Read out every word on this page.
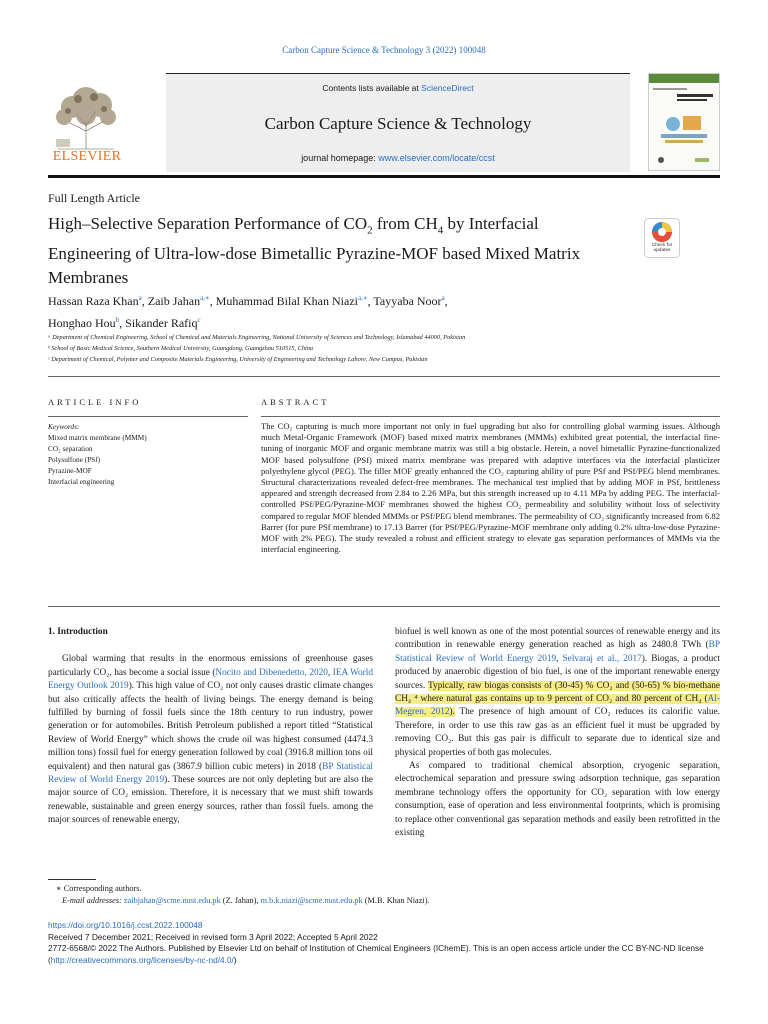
Carbon Capture Science & Technology 3 (2022) 100048
ELSEVIER
Contents lists available at ScienceDirect
Carbon Capture Science & Technology
journal homepage: www.elsevier.com/locate/ccst
Full Length Article
High–Selective Separation Performance of $CO_2$ from $CH_4$ by Interfacial Engineering of Ultra-low-dose Bimetallic Pyrazine-MOF based Mixed Matrix Membranes
Check for updates
Hassan Raza Khan$^a$, Zaib Jahan$^{a,∗}$, Muhammad Bilal Khan Niazi$^{a,∗}$, Tayyaba Noor$^a$,
Honghao Hou$^b$, Sikander Rafiq$^c$
ᵃ Department of Chemical Engineering, School of Chemical and Materials Engineering, National University of Sciences and Technology, Islamabad 44000, Pakistan
ᵇ School of Basic Medical Science, Southern Medical University, Guangdong, Guangzhou 510515, China
ᶜ Department of Chemical, Polymer and Composite Materials Engineering, University of Engineering and Technology Lahore, New Campus, Pakistan
ARTICLE INFO	ABSTRACT
Keywords:
Mixed matrix membrane (MMM)
CO₂ separation
Polysulfone (PSf)
Pyrazine-MOF
Interfacial engineering
The CO₂ capturing is much more important not only in fuel upgrading but also for controlling global warming issues. Although much Metal-Organic Framework (MOF) based mixed matrix membranes (MMMs) exhibited great potential, the interfacial fine-tuning of inorganic MOF and organic membrane matrix was still a big obstacle. Herein, a novel bimetallic Pyrazine-functionalized MOF based polysulfone (PSf) mixed matrix membrane was prepared with adaptive interfaces via the interfacial plasticizer polyethylene glycol (PEG). The filler MOF greatly enhanced the CO₂ capturing ability of pure PSf and PSf/PEG blend membranes. Structural characterizations revealed defect-free membranes. The mechanical test implied that by adding MOF in PSf, brittleness appeared and strength decreased from 2.84 to 2.26 MPa, but this strength increased up to 4.11 MPa by adding PEG. The interfacial-controlled PSf/PEG/Pyrazine-MOF membranes showed the highest CO₂ permeability and solubility without loss of selectivity compared to regular MOF blended MMMs or PSf/PEG blend membranes. The permeability of CO₂ significantly increased from 6.82 Barrer (for pure PSf membrane) to 17.13 Barrer (for PSf/PEG/Pyrazine-MOF membrane only adding 0.2% ultra-low-dose Pyrazine-MOF with 2% PEG). The study revealed a robust and efficient strategy to elevate gas separation performances of MMMs via the interfacial engineering.
1. Introduction

Global warming that results in the enormous emissions of greenhouse gases particularly CO₂, has become a social issue (Nocito and Dibenedetto, 2020, IEA World Energy Outlook 2019). This high value of CO₂ not only causes drastic climate changes but also critically affects the health of living beings. The energy demand is being fulfilled by burning of fossil fuels since the 18th century to run industry, power generation or for automobiles. British Petroleum published a report titled “Statistical Review of World Energy” which shows the crude oil was highest consumed (4474.3 million tons) fossil fuel for energy generation followed by coal (3916.8 million tons oil equivalent) and then natural gas (3867.9 billion cubic meters) in 2018 (BP Statistical Review of World Energy 2019). These sources are not only depleting but are also the major source of CO₂ emission. Therefore, it is necessary that we must shift towards renewable, sustainable and green energy sources, rather than fossil fuels. among the major sources of renewable energy,

biofuel is well known as one of the most potential sources of renewable energy and its contribution in renewable energy generation reached as high as 2480.8 TWh (BP Statistical Review of World Energy 2019, Selvaraj et al., 2017). Biogas, a product produced by anaerobic digestion of bio fuel, is one of the important renewable energy sources. Typically, raw biogas consists of (30-45) % CO₂ and (50-65) % bio-methane CH₄ ⁴ where natural gas contains up to 9 percent of CO₂ and 80 percent of CH₄ (Al-Megren, 2012). The presence of high amount of CO₂ reduces its calorific value. Therefore, in order to use this raw gas as an efficient fuel it must be upgraded by removing CO₂. But this gas pair is difficult to separate due to identical size and physical properties of both gas molecules.

As compared to traditional chemical absorption, cryogenic separation, electrochemical separation and pressure swing adsorption technique, gas separation membrane technology offers the opportunity for CO₂ separation with low energy consumption, ease of operation and less environmental footprints, which is promising to replace other conventional gas separation methods and easily been retrofitted in the existing

∗ Corresponding authors.
E-mail addresses: zaibjahan@scme.nust.edu.pk (Z. Jahan), m.b.k.niazi@scme.nust.edu.pk (M.B. Khan Niazi).
https://doi.org/10.1016/j.ccst.2022.100048
Received 7 December 2021; Received in revised form 3 April 2022; Accepted 5 April 2022
2772-6568/© 2022 The Authors. Published by Elsevier Ltd on behalf of Institution of Chemical Engineers (IChemE). This is an open access article under the CC BY-NC-ND license (http://creativecommons.org/licenses/by-nc-nd/4.0/)
